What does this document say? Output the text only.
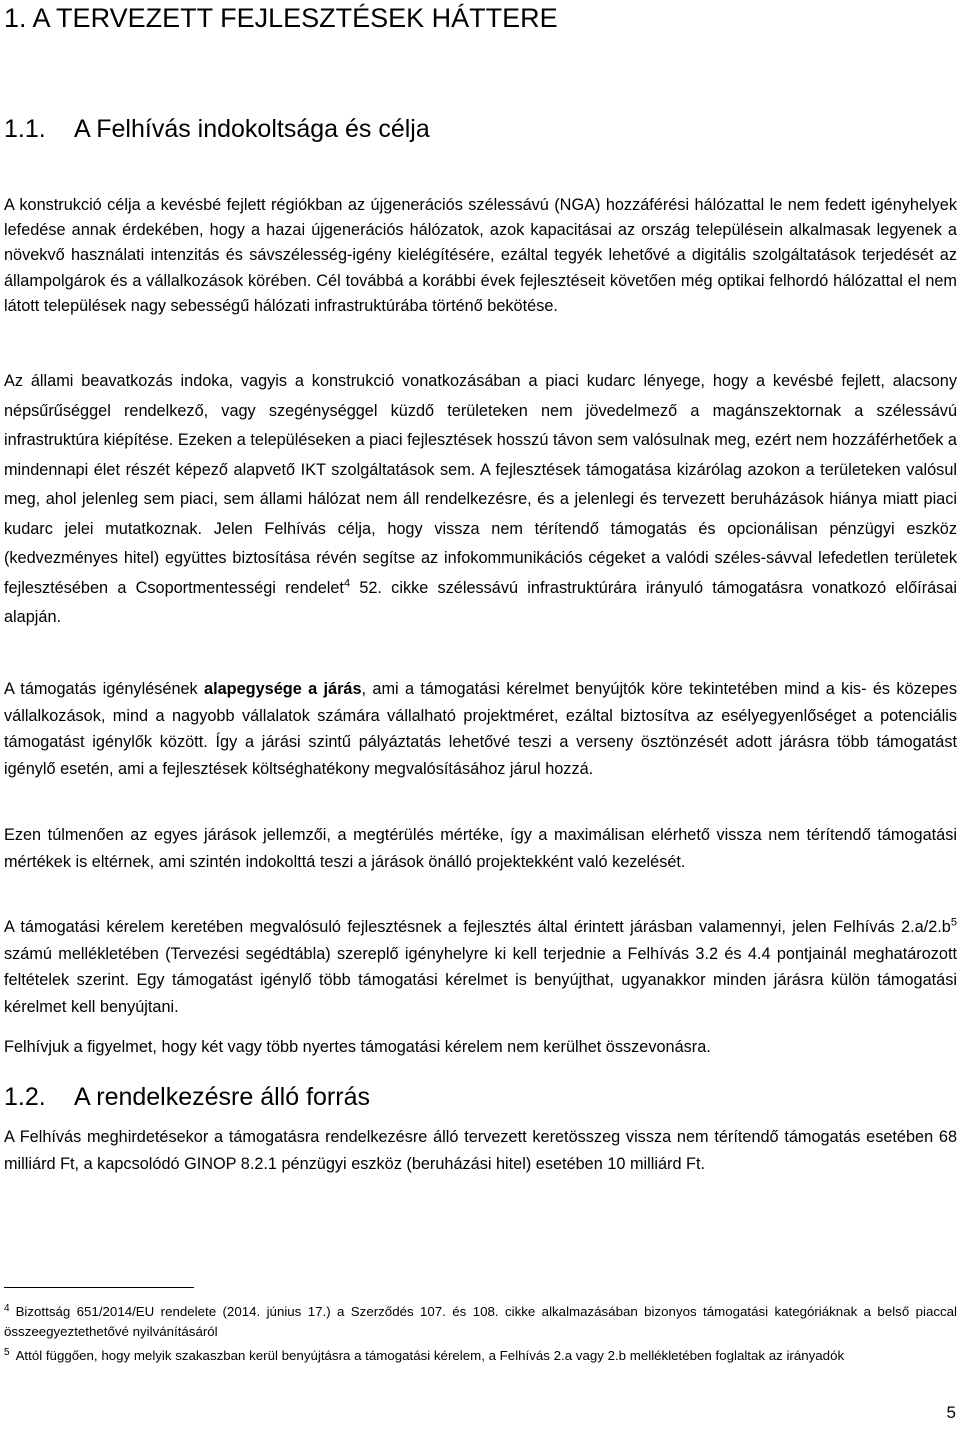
1. A TERVEZETT FEJLESZTÉSEK HÁTTERE
1.1. A Felhívás indokoltsága és célja

A konstrukció célja a kevésbé fejlett régiókban az újgenerációs szélessávú (NGA) hozzáférési hálózattal le nem fedett igényhelyek lefedése annak érdekében, hogy a hazai újgenerációs hálózatok, azok kapacitásai az ország településein alkalmasak legyenek a növekvő használati intenzitás és sávszélesség-igény kielégítésére, ezáltal tegyék lehetővé a digitális szolgáltatások terjedését az állampolgárok és a vállalkozások körében. Cél továbbá a korábbi évek fejlesztéseit követően még optikai felhordó hálózattal el nem látott települések nagy sebességű hálózati infrastruktúrába történő bekötése.

Az állami beavatkozás indoka, vagyis a konstrukció vonatkozásában a piaci kudarc lényege, hogy a kevésbé fejlett, alacsony népsűrűséggel rendelkező, vagy szegénységgel küzdő területeken nem jövedelmező a magánszektornak a szélessávú infrastruktúra kiépítése. Ezeken a településeken a piaci fejlesztések hosszú távon sem valósulnak meg, ezért nem hozzáférhetőek a mindennapi élet részét képező alapvető IKT szolgáltatások sem. A fejlesztések támogatása kizárólag azokon a területeken valósul meg, ahol jelenleg sem piaci, sem állami hálózat nem áll rendelkezésre, és a jelenlegi és tervezett beruházások hiánya miatt piaci kudarc jelei mutatkoznak. Jelen Felhívás célja, hogy vissza nem térítendő támogatás és opcionálisan pénzügyi eszköz (kedvezményes hitel) együttes biztosítása révén segítse az infokommunikációs cégeket a valódi széles-sávval lefedetlen területek fejlesztésében a Csoportmentességi rendelet$^4$ 52. cikke szélessávú infrastruktúrára irányuló támogatásra vonatkozó előírásai alapján.

A támogatás igénylésének alapegysége a járás, ami a támogatási kérelmet benyújtók köre tekintetében mind a kis- és közepes vállalkozások, mind a nagyobb vállalatok számára vállalható projektméret, ezáltal biztosítva az esélyegyenlőséget a potenciális támogatást igénylők között. Így a járási szintű pályáztatás lehetővé teszi a verseny ösztönzését adott járásra több támogatást igénylő esetén, ami a fejlesztések költséghatékony megvalósításához járul hozzá.

Ezen túlmenően az egyes járások jellemzői, a megtérülés mértéke, így a maximálisan elérhető vissza nem térítendő támogatási mértékek is eltérnek, ami szintén indokolttá teszi a járások önálló projektekként való kezelését.

A támogatási kérelem keretében megvalósuló fejlesztésnek a fejlesztés által érintett járásban valamennyi, jelen Felhívás $2.a/2.b^5$ számú mellékletében (Tervezési segédtábla) szereplő igényhelyre ki kell terjednie a Felhívás 3.2 és 4.4 pontjainál meghatározott feltételek szerint. Egy támogatást igénylő több támogatási kérelmet is benyújthat, ugyanakkor minden járásra külön támogatási kérelmet kell benyújtani.

Felhívjuk a figyelmet, hogy két vagy több nyertes támogatási kérelem nem kerülhet összevonásra.

1.2. A rendelkezésre álló forrás

A Felhívás meghirdetésekor a támogatásra rendelkezésre álló tervezett keretösszeg vissza nem térítendő támogatás esetében 68 milliárd Ft, a kapcsolódó GINOP 8.2.1 pénzügyi eszköz (beruházási hitel) esetében 10 milliárd Ft.

$^4$ Bizottság 651/2014/EU rendelete (2014. június 17.) a Szerződés 107. és 108. cikke alkalmazásában bizonyos támogatási kategóriáknak a belső piaccal összeegyeztethetővé nyilvánításáról

$^5$ Attól függően, hogy melyik szakaszban kerül benyújtásra a támogatási kérelem, a Felhívás 2.a vagy 2.b mellékletében foglaltak az irányadók

5
